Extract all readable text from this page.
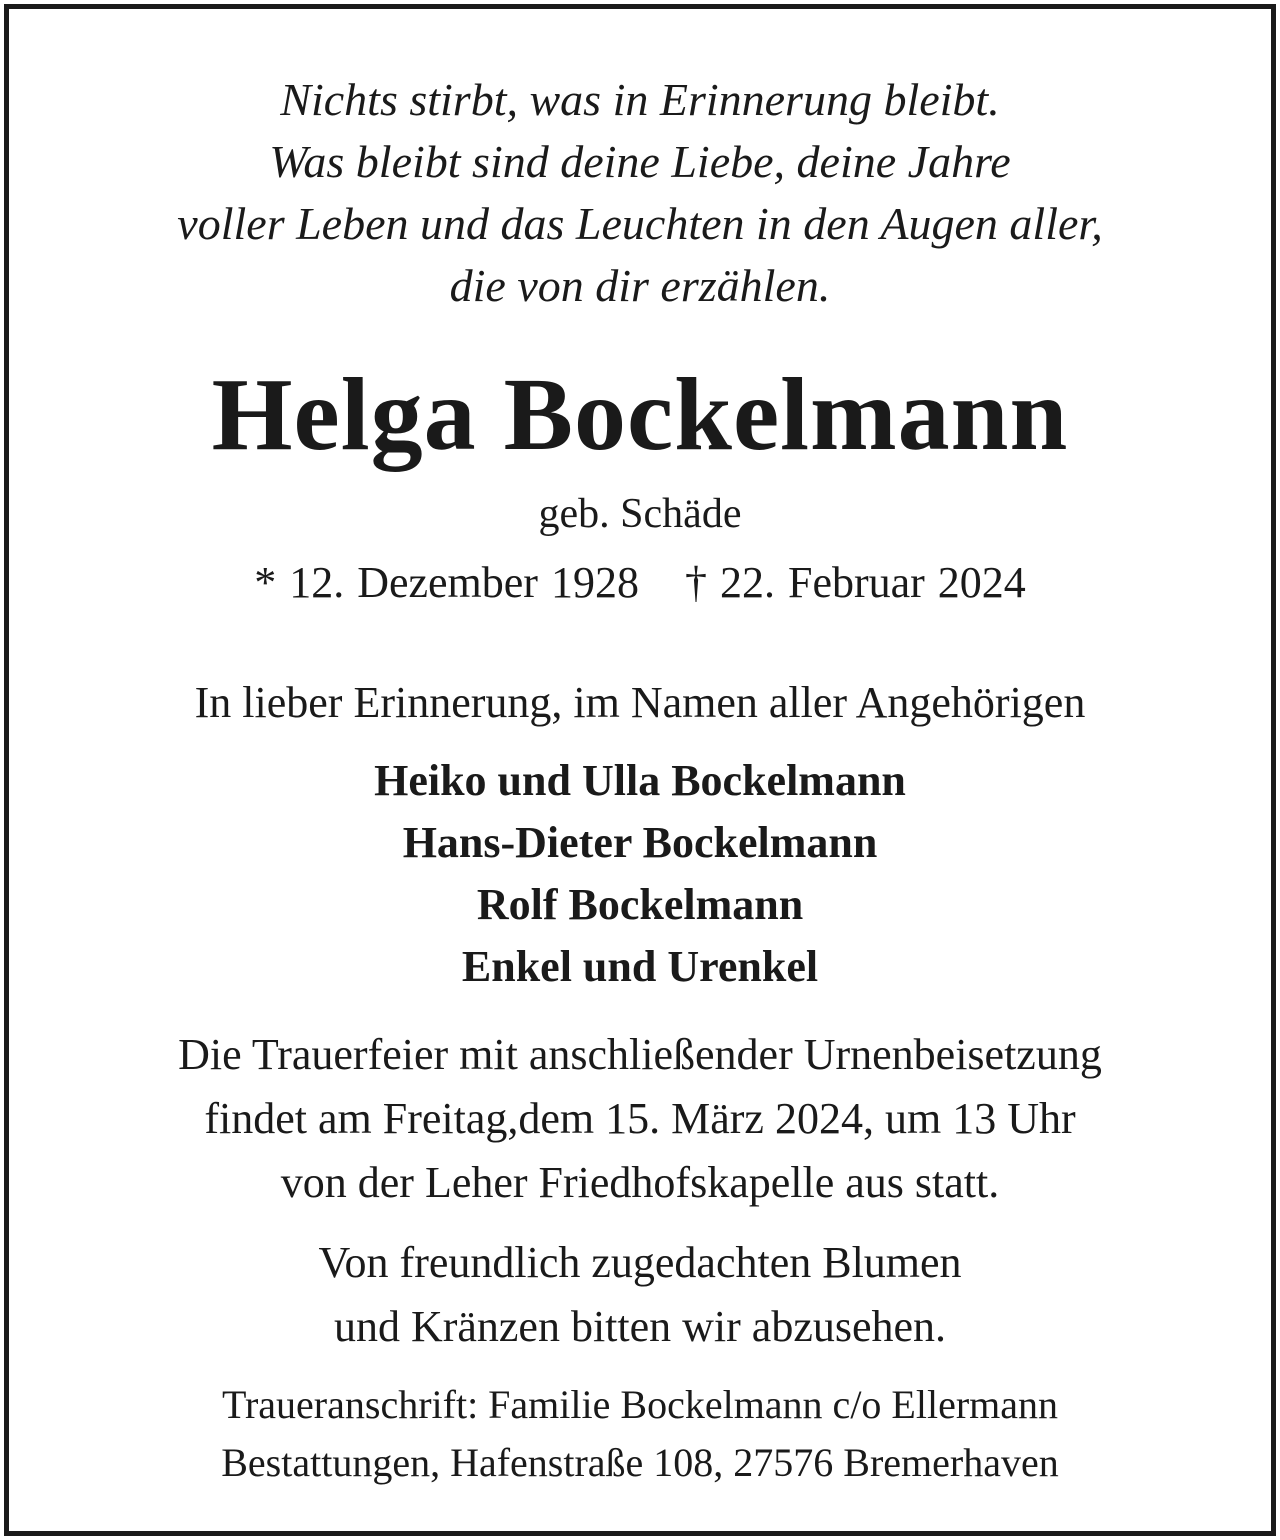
Nichts stirbt, was in Erinnerung bleibt.
Was bleibt sind deine Liebe, deine Jahre
voller Leben und das Leuchten in den Augen aller,
die von dir erzählen.
Helga Bockelmann
geb. Schäde
* 12. Dezember 1928 † 22. Februar 2024
In lieber Erinnerung, im Namen aller Angehörigen
Heiko und Ulla Bockelmann
Hans-Dieter Bockelmann
Rolf Bockelmann
Enkel und Urenkel
Die Trauerfeier mit anschließender Urnenbeisetzung
findet am Freitag,dem 15. März 2024, um 13 Uhr
von der Leher Friedhofskapelle aus statt.
Von freundlich zugedachten Blumen
und Kränzen bitten wir abzusehen.
Traueranschrift: Familie Bockelmann c/o Ellermann
Bestattungen, Hafenstraße 108, 27576 Bremerhaven
